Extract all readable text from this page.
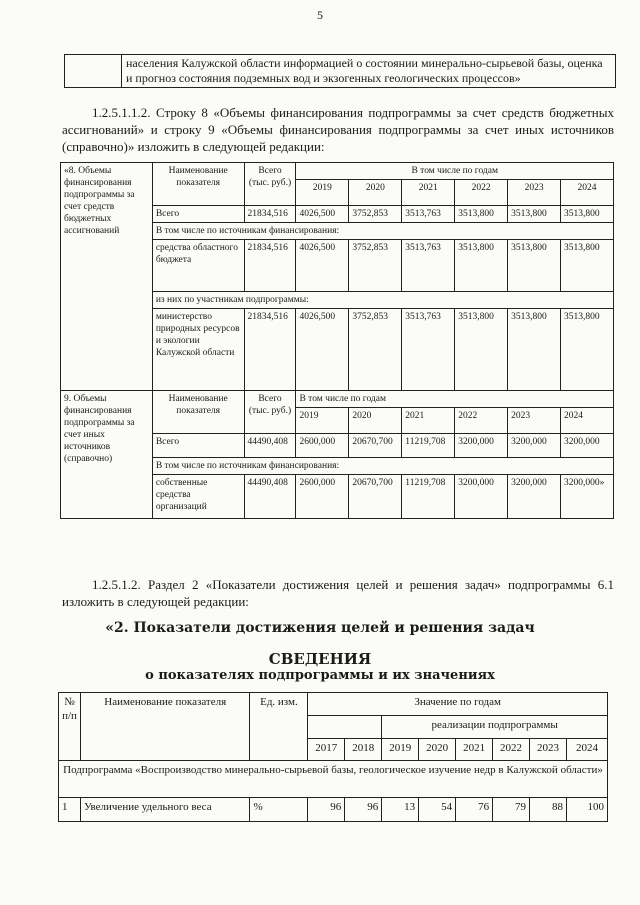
5
	населения Калужской области информацией о состоянии минерально-сырьевой базы, оценка и прогноз состояния подземных вод и экзогенных геологических процессов»
1.2.5.1.1.2. Строку 8 «Объемы финансирования подпрограммы за счет средств бюджетных ассигнований» и строку 9 «Объемы финансирования подпрограммы за счет иных источников (справочно)» изложить в следующей редакции:
«8. Объемы финансирования подпрограммы за счет средств бюджетных ассигнований	Наименование показателя	Всего (тыс. руб.)	В том числе по годам					
			2019	2020	2021	2022	2023	2024
	Всего	21834,516	4026,500	3752,853	3513,763	3513,800	3513,800	3513,800
	В том числе по источникам финансирования:							
	средства областного бюджета	21834,516	4026,500	3752,853	3513,763	3513,800	3513,800	3513,800
	из них по участникам подпрограммы:							
	министерство природных ресурсов и экологии Калужской области	21834,516	4026,500	3752,853	3513,763	3513,800	3513,800	3513,800
9. Объемы финансирования подпрограммы за счет иных источников (справочно)	Наименование показателя	Всего (тыс. руб.)	В том числе по годам					
			2019	2020	2021	2022	2023	2024
	Всего	44490,408	2600,000	20670,700	11219,708	3200,000	3200,000	3200,000
	В том числе по источникам финансирования:							
	собственные средства организаций	44490,408	2600,000	20670,700	11219,708	3200,000	3200,000	3200,000»
1.2.5.1.2. Раздел 2 «Показатели достижения целей и решения задач» подпрограммы 6.1 изложить в следующей редакции:
«2. Показатели достижения целей и решения задач
СВЕДЕНИЯ
о показателях подпрограммы и их значениях
№ п/п	Наименование показателя	Ед. изм.	Значение по годам							
					реализации подпрограммы					
			2017	2018	2019	2020	2021	2022	2023	2024
Подпрограмма «Воспроизводство минерально-сырьевой базы, геологическое изучение недр в Калужской области»										
1	Увеличение удельного веса	%	96	96	13	54	76	79	88	100
